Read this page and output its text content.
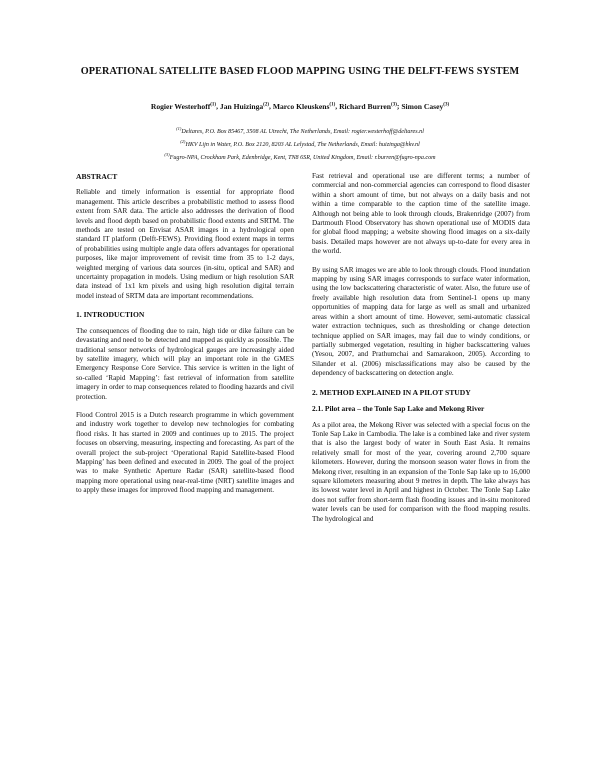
OPERATIONAL SATELLITE BASED FLOOD MAPPING USING THE DELFT-FEWS SYSTEM
Rogier Westerhoff$^{(1)}$, Jan Huizinga$^{(2)}$, Marco Kleuskens$^{(1)}$, Richard Burren$^{(3)}$; Simon Casey$^{(3)}$
$^{(1)}$Deltares, P.O. Box 85467, 3508 AL Utrecht, The Netherlands, Email: rogier.westerhoff@deltares.nl
$^{(2)}$HKV Lijn in Water, P.O. Box 2120, 8203 AL Lelystad, The Netherlands, Email: huizinga@hkv.nl
$^{(3)}$Fugro-NPA, Crockham Park, Edenbridge, Kent, TN8 6SR, United Kingdom, Email: r.burren@fugro-npa.com
ABSTRACT

Reliable and timely information is essential for appropriate flood management. This article describes a probabilistic method to assess flood extent from SAR data. The article also addresses the derivation of flood levels and flood depth based on probabilistic flood extents and SRTM. The methods are tested on Envisat ASAR images in a hydrological open standard IT platform (Delft-FEWS). Providing flood extent maps in terms of probabilities using multiple angle data offers advantages for operational purposes, like major improvement of revisit time from 35 to 1-2 days, weighted merging of various data sources (in-situ, optical and SAR) and uncertainty propagation in models. Using medium or high resolution SAR data instead of 1x1 km pixels and using high resolution digital terrain model instead of SRTM data are important recommendations.

1. INTRODUCTION

The consequences of flooding due to rain, high tide or dike failure can be devastating and need to be detected and mapped as quickly as possible. The traditional sensor networks of hydrological gauges are increasingly aided by satellite imagery, which will play an important role in the GMES Emergency Response Core Service. This service is written in the light of so-called ‘Rapid Mapping’: fast retrieval of information from satellite imagery in order to map consequences related to flooding hazards and civil protection.

Flood Control 2015 is a Dutch research programme in which government and industry work together to develop new technologies for combating flood risks. It has started in 2009 and continues up to 2015. The project focuses on observing, measuring, inspecting and forecasting. As part of the overall project the sub-project ‘Operational Rapid Satellite-based Flood Mapping’ has been defined and executed in 2009. The goal of the project was to make Synthetic Aperture Radar (SAR) satellite-based flood mapping more operational using near-real-time (NRT) satellite images and to apply these images for improved flood mapping and management.

Fast retrieval and operational use are different terms; a number of commercial and non-commercial agencies can correspond to flood disaster within a short amount of time, but not always on a daily basis and not within a time comparable to the caption time of the satellite image. Although not being able to look through clouds, Brakenridge (2007) from Dartmouth Flood Observatory has shown operational use of MODIS data for global flood mapping; a website showing flood images on a six-daily basis. Detailed maps however are not always up-to-date for every area in the world.

By using SAR images we are able to look through clouds. Flood inundation mapping by using SAR images corresponds to surface water information, using the low backscattering characteristic of water. Also, the future use of freely available high resolution data from Sentinel-1 opens up many opportunities of mapping data for large as well as small and urbanized areas within a short amount of time. However, semi-automatic classical water extraction techniques, such as thresholding or change detection technique applied on SAR images, may fail due to windy conditions, or partially submerged vegetation, resulting in higher backscattering values (Yesou, 2007, and Prathumchai and Samarakoon, 2005). According to Silander et al. (2006) misclassifications may also be caused by the dependency of backscattering on detection angle.

2. METHOD EXPLAINED IN A PILOT STUDY
2.1. Pilot area – the Tonle Sap Lake and Mekong River

As a pilot area, the Mekong River was selected with a special focus on the Tonle Sap Lake in Cambodia. The lake is a combined lake and river system that is also the largest body of water in South East Asia. It remains relatively small for most of the year, covering around 2,700 square kilometers. However, during the monsoon season water flows in from the Mekong river, resulting in an expansion of the Tonle Sap lake up to 16,000 square kilometers measuring about 9 metres in depth. The lake always has its lowest water level in April and highest in October. The Tonle Sap Lake does not suffer from short-term flash flooding issues and in-situ monitored water levels can be used for comparison with the flood mapping results. The hydrological and
